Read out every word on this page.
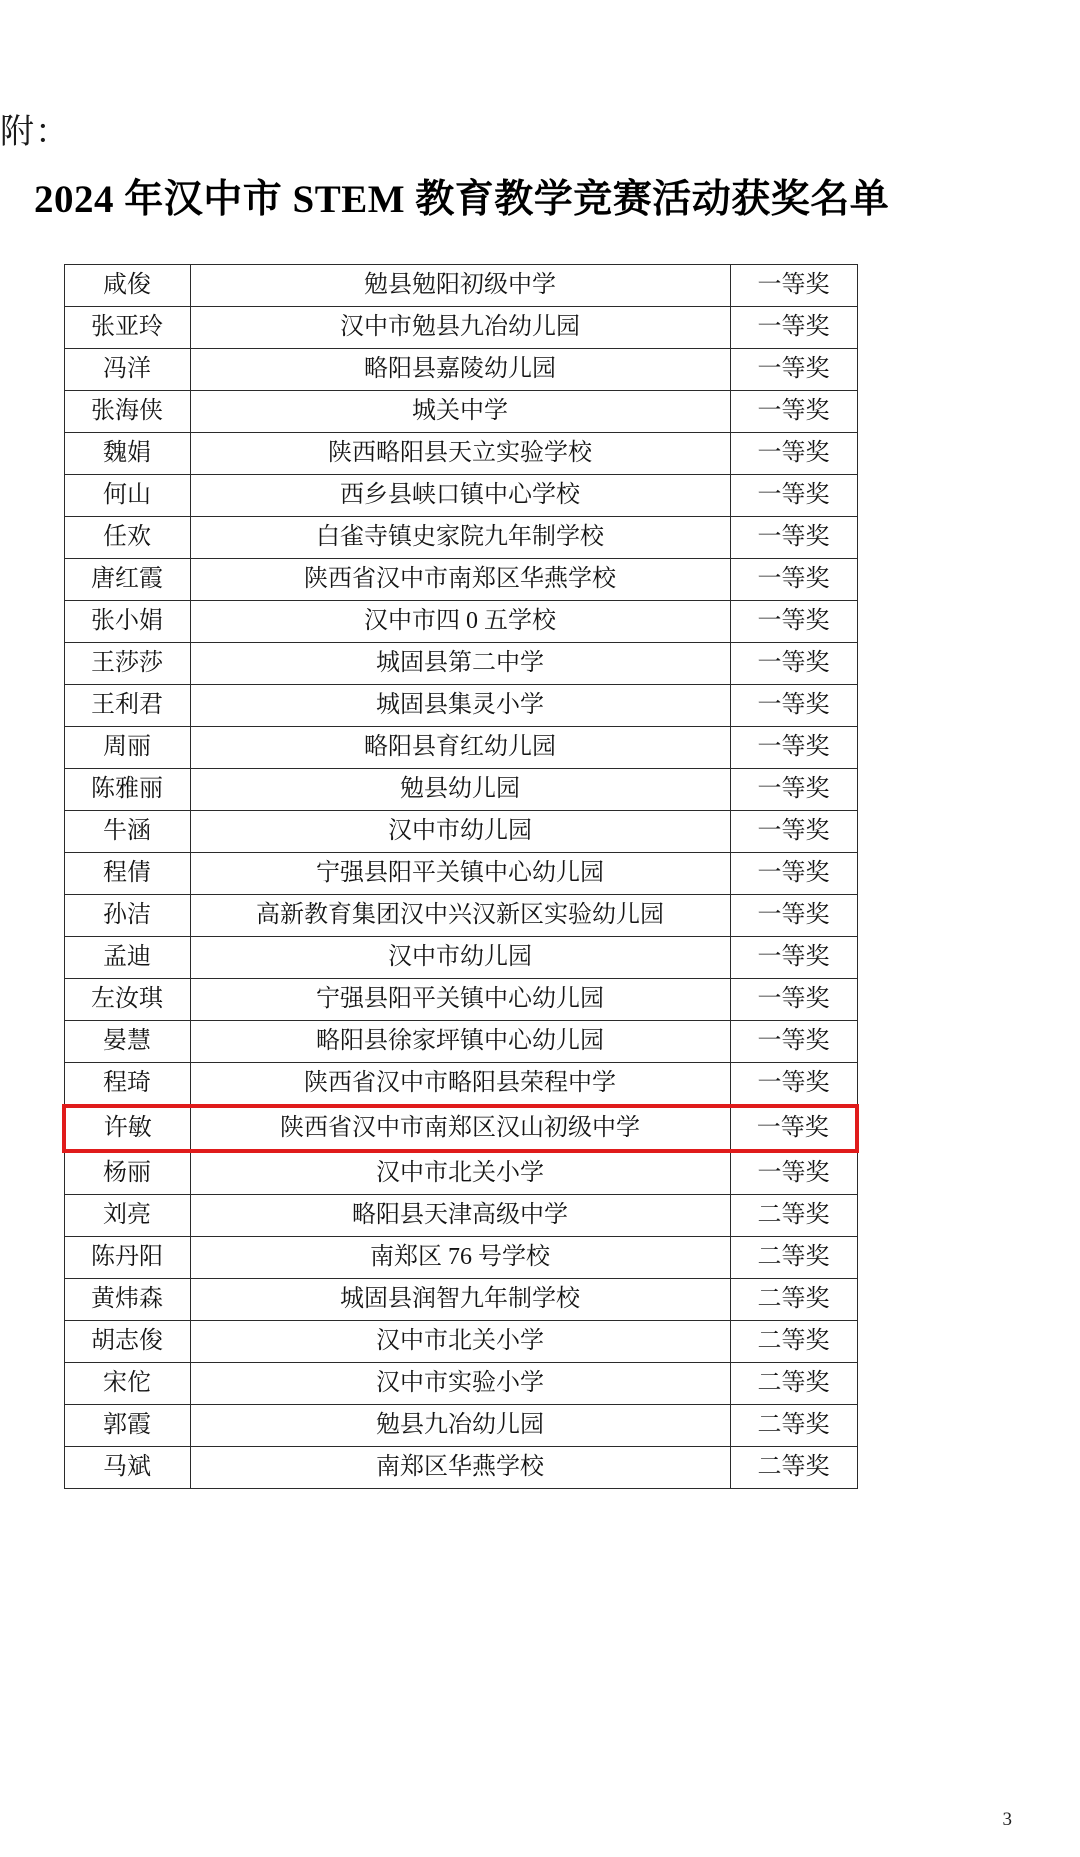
附：
2024 年汉中市 STEM 教育教学竞赛活动获奖名单
咸俊	勉县勉阳初级中学	一等奖
张亚玲	汉中市勉县九冶幼儿园	一等奖
冯洋	略阳县嘉陵幼儿园	一等奖
张海侠	城关中学	一等奖
魏娟	陕西略阳县天立实验学校	一等奖
何山	西乡县峡口镇中心学校	一等奖
任欢	白雀寺镇史家院九年制学校	一等奖
唐红霞	陕西省汉中市南郑区华燕学校	一等奖
张小娟	汉中市四 0 五学校	一等奖
王莎莎	城固县第二中学	一等奖
王利君	城固县集灵小学	一等奖
周丽	略阳县育红幼儿园	一等奖
陈雅丽	勉县幼儿园	一等奖
牛涵	汉中市幼儿园	一等奖
程倩	宁强县阳平关镇中心幼儿园	一等奖
孙洁	高新教育集团汉中兴汉新区实验幼儿园	一等奖
孟迪	汉中市幼儿园	一等奖
左汝琪	宁强县阳平关镇中心幼儿园	一等奖
晏慧	略阳县徐家坪镇中心幼儿园	一等奖
程琦	陕西省汉中市略阳县荣程中学	一等奖
许敏	陕西省汉中市南郑区汉山初级中学	一等奖
杨丽	汉中市北关小学	一等奖
刘亮	略阳县天津高级中学	二等奖
陈丹阳	南郑区 76 号学校	二等奖
黄炜森	城固县润智九年制学校	二等奖
胡志俊	汉中市北关小学	二等奖
宋佗	汉中市实验小学	二等奖
郭霞	勉县九冶幼儿园	二等奖
马斌	南郑区华燕学校	二等奖
3
